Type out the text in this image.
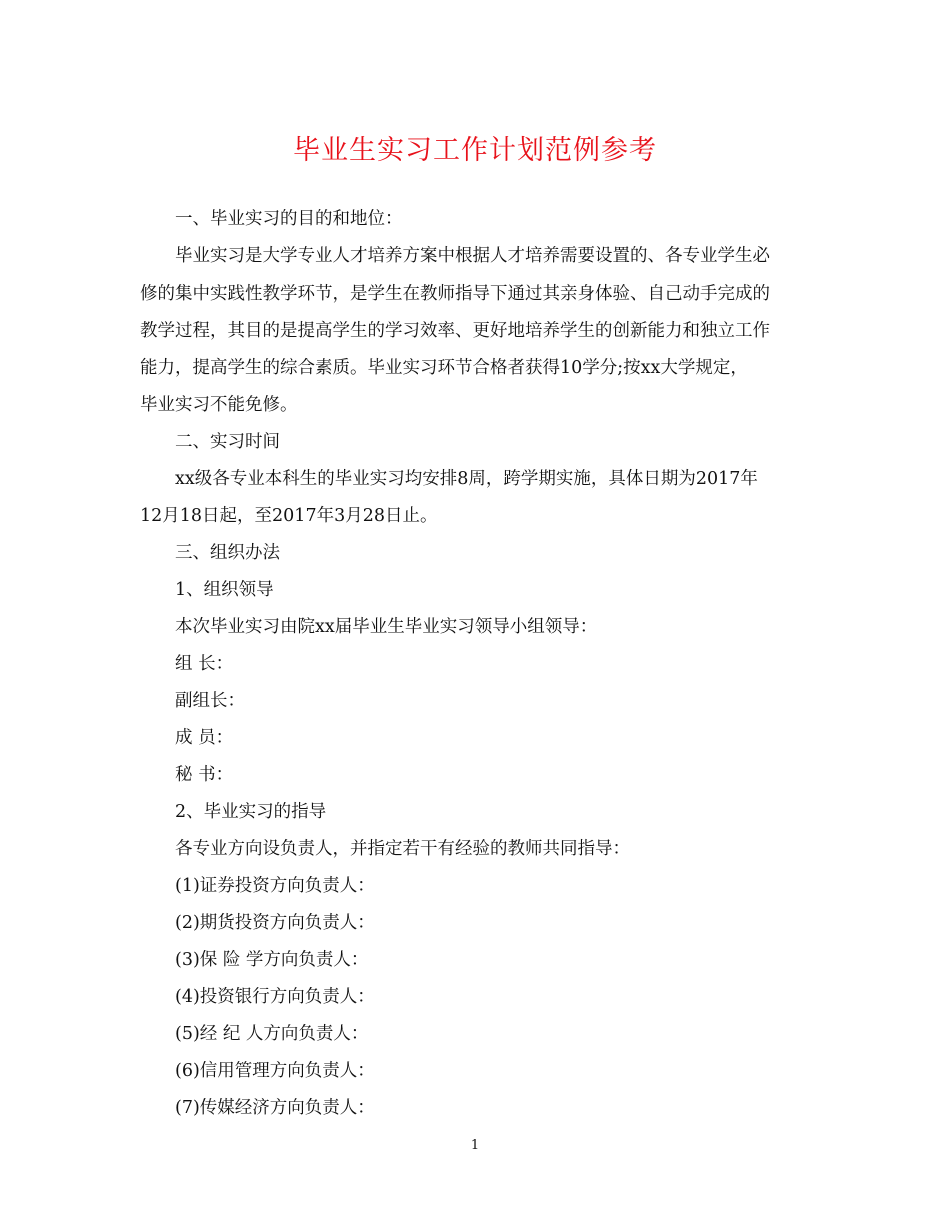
毕业生实习工作计划范例参考
一、毕业实习的目的和地位：
毕业实习是大学专业人才培养方案中根据人才培养需要设置的、各专业学生必
修的集中实践性教学环节，是学生在教师指导下通过其亲身体验、自己动手完成的
教学过程，其目的是提高学生的学习效率、更好地培养学生的创新能力和独立工作
能力，提高学生的综合素质。毕业实习环节合格者获得10学分;按xx大学规定，
毕业实习不能免修。
二、实习时间
xx级各专业本科生的毕业实习均安排8周，跨学期实施，具体日期为2017年
12月18日起，至2017年3月28日止。
三、组织办法
1、组织领导
本次毕业实习由院xx届毕业生毕业实习领导小组领导：
组 长：
副组长：
成 员：
秘 书：
2、毕业实习的指导
各专业方向设负责人，并指定若干有经验的教师共同指导：
(1)证券投资方向负责人：
(2)期货投资方向负责人：
(3)保 险 学方向负责人：
(4)投资银行方向负责人：
(5)经 纪 人方向负责人：
(6)信用管理方向负责人：
(7)传媒经济方向负责人：
1
